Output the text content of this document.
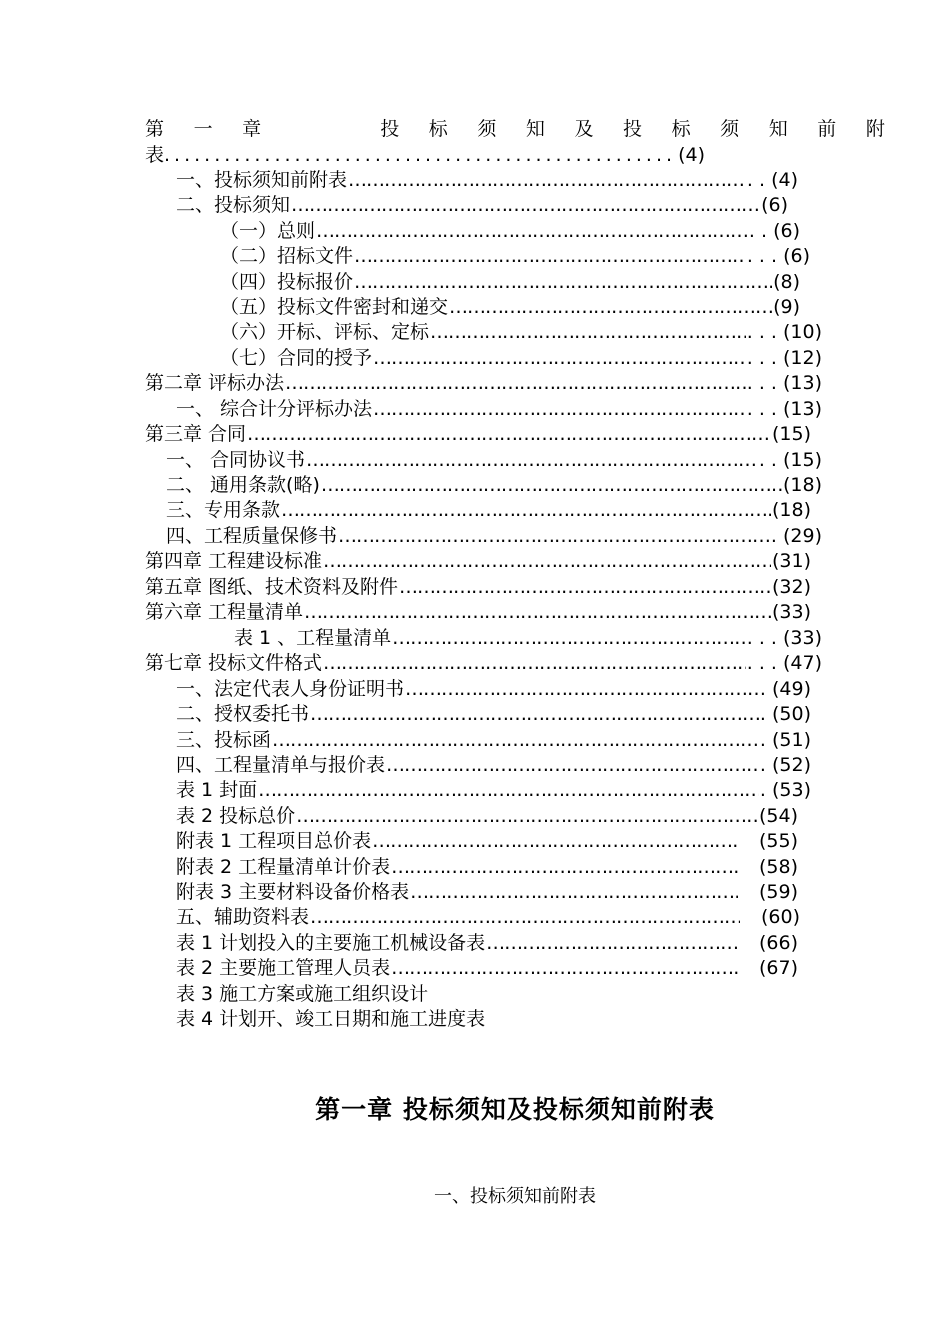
第 一 章	投 标 须 知 及 投 标 须 知 前 附
表 .....	(4)
一、投标须知前附表 …………………………………………………………………………………………………………………………………………………………………………………………	. . (4)
二、投标须知 …………………………………………………………………………………………………………………………………………………………………………………………	(6)
（一）总则 …………………………………………………………………………………………………………………………………………………………………………………………	. . (6)
（二）招标文件 …………………………………………………………………………………………………………………………………………………………………………………………	. . . (6)
（四）投标报价 …………………………………………………………………………………………………………………………………………………………………………………………	(8)
（五）投标文件密封和递交 …………………………………………………………………………………………………………………………………………………………………………………………	(9)
（六）开标、评标、定标 …………………………………………………………………………………………………………………………………………………………………………………………	. . . (10)
（七）合同的授予 …………………………………………………………………………………………………………………………………………………………………………………………	. . . (12)
第二章 评标办法 …………………………………………………………………………………………………………………………………………………………………………………………	. . . (13)
一、 综合计分评标办法 …………………………………………………………………………………………………………………………………………………………………………………………	. . . (13)
第三章 合同 …………………………………………………………………………………………………………………………………………………………………………………………	(15)
一、 合同协议书 …………………………………………………………………………………………………………………………………………………………………………………………	. . (15)
二、 通用条款(略) …………………………………………………………………………………………………………………………………………………………………………………………	(18)
三、专用条款 …………………………………………………………………………………………………………………………………………………………………………………………	(18)
四、工程质量保修书 …………………………………………………………………………………………………………………………………………………………………………………………	. (29)
第四章 工程建设标准 …………………………………………………………………………………………………………………………………………………………………………………………	(31)
第五章 图纸、技术资料及附件 …………………………………………………………………………………………………………………………………………………………………………………………	(32)
第六章 工程量清单 …………………………………………………………………………………………………………………………………………………………………………………………	(33)
表 1 、工程量清单 …………………………………………………………………………………………………………………………………………………………………………………………	. . . (33)
第七章 投标文件格式 …………………………………………………………………………………………………………………………………………………………………………………………	. . . (47)
一、法定代表人身份证明书 …………………………………………………………………………………………………………………………………………………………………………………………	. (49)
二、授权委托书 …………………………………………………………………………………………………………………………………………………………………………………………	. (50)
三、投标函 …………………………………………………………………………………………………………………………………………………………………………………………	. (51)
四、工程量清单与报价表 …………………………………………………………………………………………………………………………………………………………………………………………	. (52)
表 1 封面 …………………………………………………………………………………………………………………………………………………………………………………………	. (53)
表 2 投标总价 …………………………………………………………………………………………………………………………………………………………………………………………	(54)
附表 1 工程项目总价表 …………………………………………………………………………………………………………………………………………………………………………………………	(55)
附表 2 工程量清单计价表 …………………………………………………………………………………………………………………………………………………………………………………………	(58)
附表 3 主要材料设备价格表 …………………………………………………………………………………………………………………………………………………………………………………………	(59)
五、辅助资料表 …………………………………………………………………………………………………………………………………………………………………………………………	(60)
表 1 计划投入的主要施工机械设备表 …………………………………………………………………………………………………………………………………………………………………………………………	(66)
表 2 主要施工管理人员表 …………………………………………………………………………………………………………………………………………………………………………………………	(67)
表 3 施工方案或施工组织设计
表 4 计划开、竣工日期和施工进度表
第一章 投标须知及投标须知前附表
一、投标须知前附表
